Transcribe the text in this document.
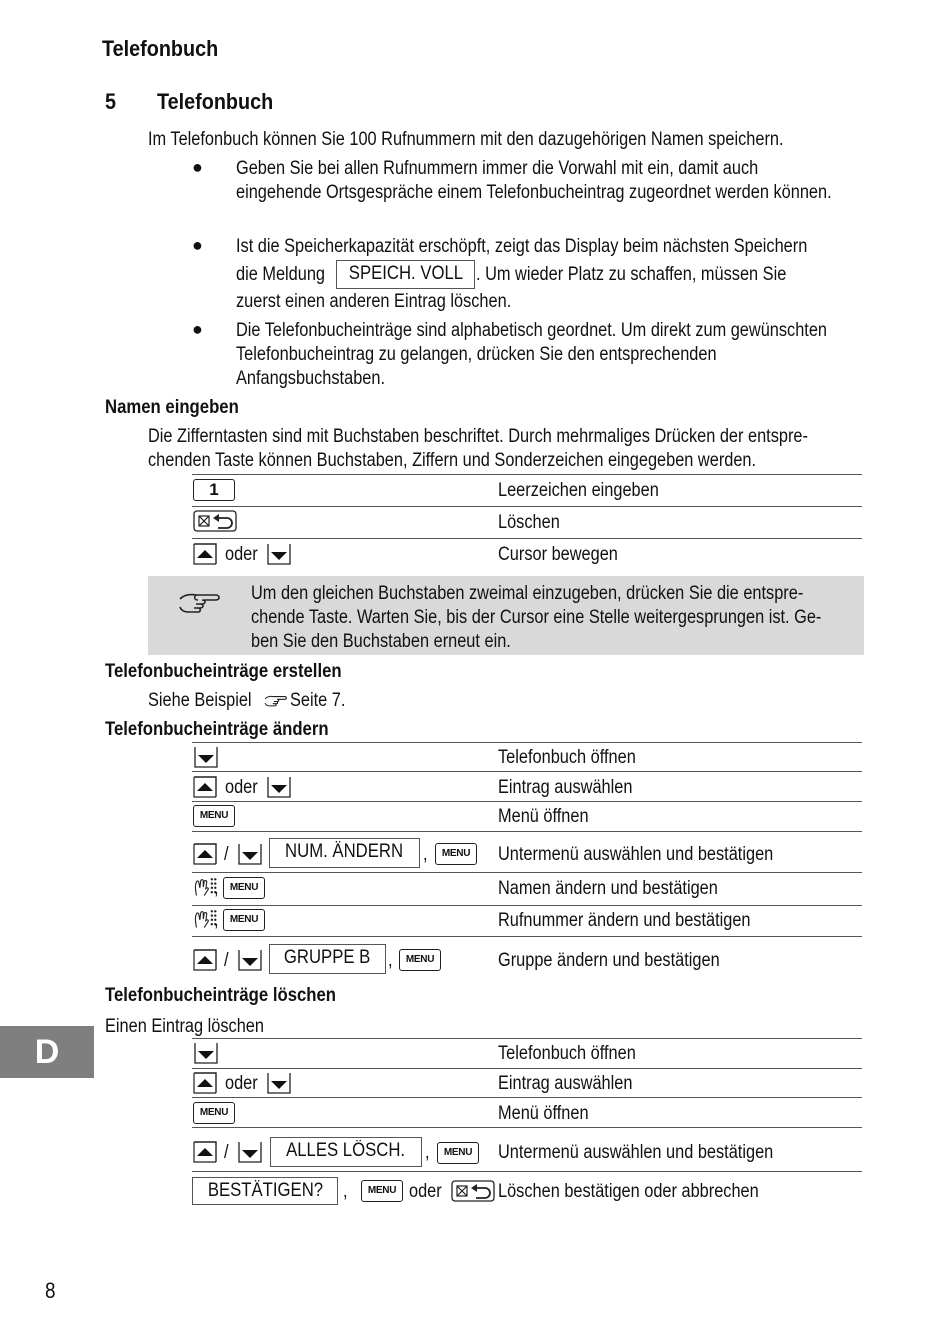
Telefonbuch
5 Telefonbuch
Im Telefonbuch können Sie 100 Rufnummern mit den dazugehörigen Namen speichern.
● Geben Sie bei allen Rufnummern immer die Vorwahl mit ein, damit auch eingehende Ortsgespräche einem Telefonbucheintrag zugeordnet werden können.
● Ist die Speicherkapazität erschöpft, zeigt das Display beim nächsten Speichern
die Meldung	SPEICH. VOLL . Um wieder Platz zu schaffen, müssen Sie
zuerst einen anderen Eintrag löschen.
● Die Telefonbucheinträge sind alphabetisch geordnet. Um direkt zum gewünschten Telefonbucheintrag zu gelangen, drücken Sie den entsprechenden Anfangsbuchstaben.
Namen eingeben
Die Zifferntasten sind mit Buchstaben beschriftet. Durch mehrmaliges Drücken der entspre-
chenden Taste können Buchstaben, Ziffern und Sonderzeichen eingegeben werden.
1	Leerzeichen eingeben
Löschen
oder	Cursor bewegen
Um den gleichen Buchstaben zweimal einzugeben, drücken Sie die entspre-
chende Taste. Warten Sie, bis der Cursor eine Stelle weitergesprungen ist. Ge-
ben Sie den Buchstaben erneut ein.
Telefonbucheinträge erstellen
Siehe Beispiel Seite 7.
Telefonbucheinträge ändern
Telefonbuch öffnen
oder	Eintrag auswählen
MENU	Menü öffnen
/	NUM. ÄNDERN	,	MENU	Untermenü auswählen und bestätigen
,	MENU	Namen ändern und bestätigen
,	MENU	Rufnummer ändern und bestätigen
/	GRUPPE B ,	MENU	Gruppe ändern und bestätigen
Telefonbucheinträge löschen
Einen Eintrag löschen
Telefonbuch öffnen
oder	Eintrag auswählen
MENU	Menü öffnen
/	ALLES LÖSCH.	,	MENU	Untermenü auswählen und bestätigen
BESTÄTIGEN?	,	MENU oder	Löschen bestätigen oder abbrechen
D
8
